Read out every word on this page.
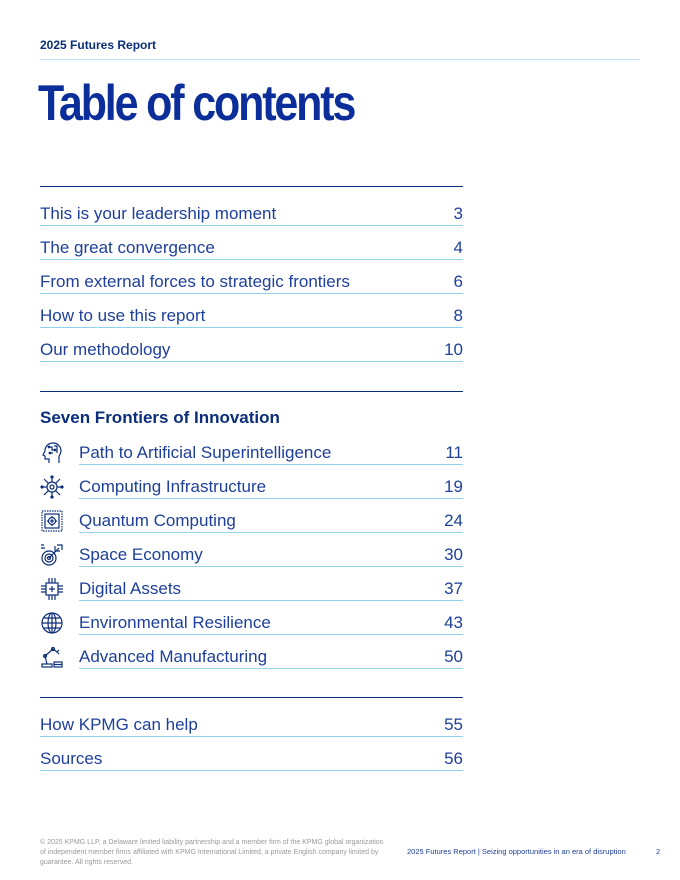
2025 Futures Report
Table of contents
This is your leadership moment	3
The great convergence	4
From external forces to strategic frontiers	6
How to use this report	8
Our methodology	10
Seven Frontiers of Innovation
Path to Artificial Superintelligence	11
Computing Infrastructure	19
Quantum Computing	24
Space Economy	30
Digital Assets	37
Environmental Resilience	43
Advanced Manufacturing	50
How KPMG can help	55
Sources	56
© 2025 KPMG LLP, a Delaware limited liability partnership and a member firm of the KPMG global organization of independent member firms affiliated with KPMG International Limited, a private English company limited by guarantee. All rights reserved.
2025 Futures Report | Seizing opportunities in an era of disruption	2
